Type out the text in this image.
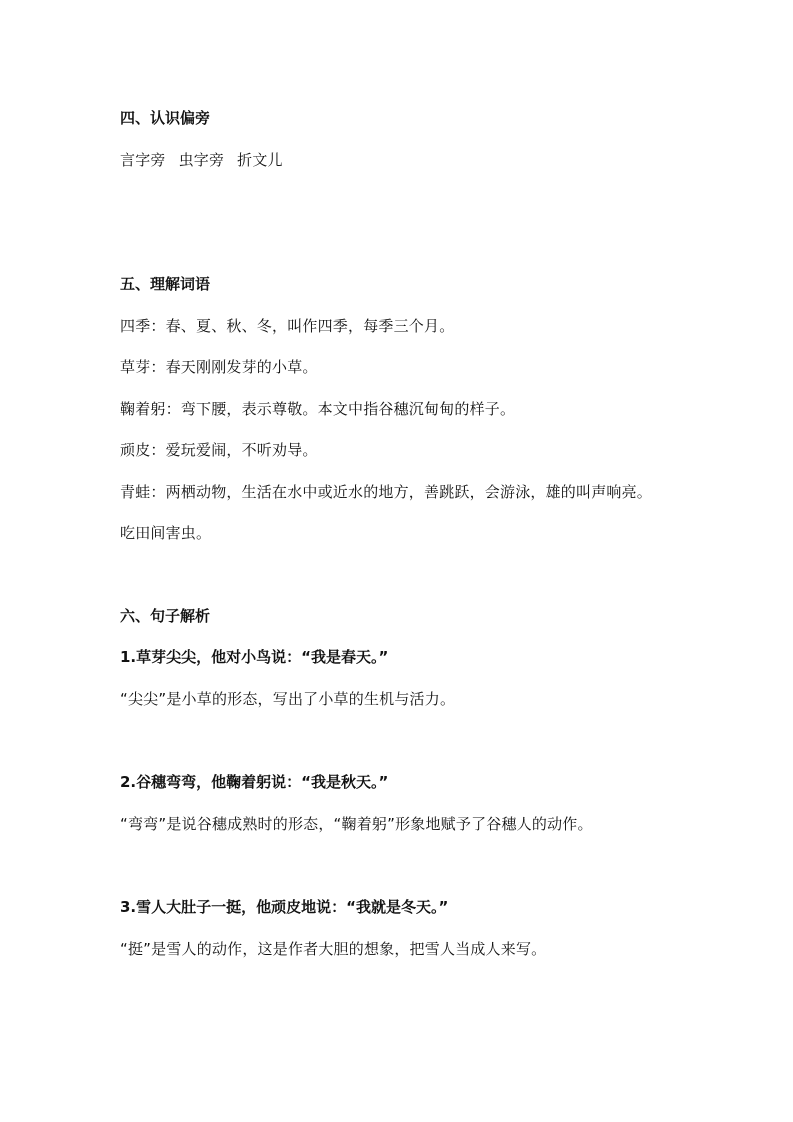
四、认识偏旁
言字旁 虫字旁 折文儿
五、理解词语
四季：春、夏、秋、冬，叫作四季，每季三个月。
草芽：春天刚刚发芽的小草。
鞠着躬：弯下腰，表示尊敬。本文中指谷穗沉甸甸的样子。
顽皮：爱玩爱闹，不听劝导。
青蛙：两栖动物，生活在水中或近水的地方，善跳跃，会游泳，雄的叫声响亮。
吃田间害虫。
六、句子解析
1.草芽尖尖，他对小鸟说：“我是春天。”
“尖尖”是小草的形态，写出了小草的生机与活力。
2.谷穗弯弯，他鞠着躬说：“我是秋天。”
“弯弯”是说谷穗成熟时的形态，“鞠着躬”形象地赋予了谷穗人的动作。
3.雪人大肚子一挺，他顽皮地说：“我就是冬天。”
“挺”是雪人的动作，这是作者大胆的想象，把雪人当成人来写。
